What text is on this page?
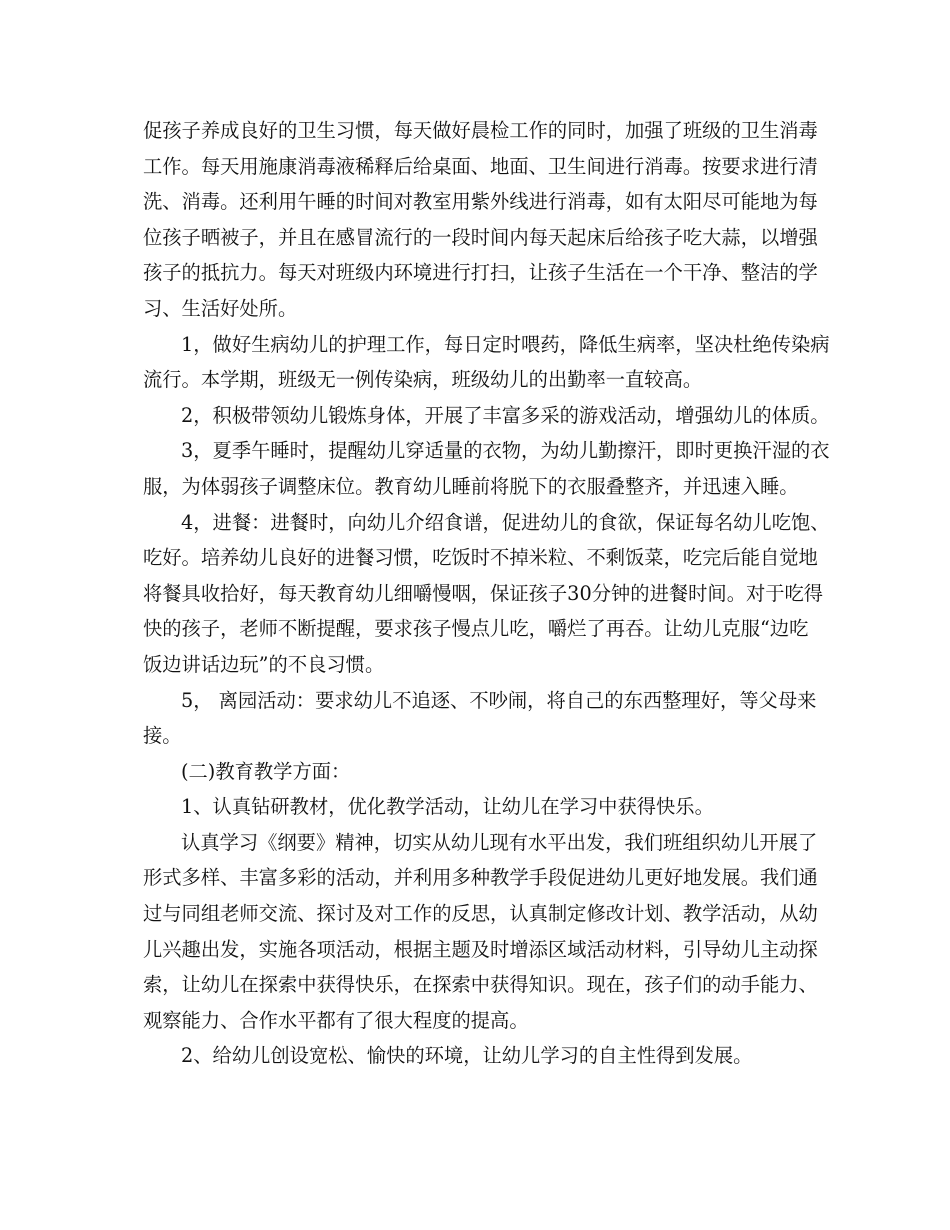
促孩子养成良好的卫生习惯，每天做好晨检工作的同时，加强了班级的卫生消毒
工作。每天用施康消毒液稀释后给桌面、地面、卫生间进行消毒。按要求进行清
洗、消毒。还利用午睡的时间对教室用紫外线进行消毒，如有太阳尽可能地为每
位孩子晒被子，并且在感冒流行的一段时间内每天起床后给孩子吃大蒜，以增强
孩子的抵抗力。每天对班级内环境进行打扫，让孩子生活在一个干净、整洁的学
习、生活好处所。
1，做好生病幼儿的护理工作，每日定时喂药，降低生病率，坚决杜绝传染病
流行。本学期，班级无一例传染病，班级幼儿的出勤率一直较高。
2，积极带领幼儿锻炼身体，开展了丰富多采的游戏活动，增强幼儿的体质。
3，夏季午睡时，提醒幼儿穿适量的衣物，为幼儿勤擦汗，即时更换汗湿的衣
服，为体弱孩子调整床位。教育幼儿睡前将脱下的衣服叠整齐，并迅速入睡。
4，进餐：进餐时，向幼儿介绍食谱，促进幼儿的食欲，保证每名幼儿吃饱、
吃好。培养幼儿良好的进餐习惯，吃饭时不掉米粒、不剩饭菜，吃完后能自觉地
将餐具收拾好，每天教育幼儿细嚼慢咽，保证孩子30分钟的进餐时间。对于吃得
快的孩子，老师不断提醒，要求孩子慢点儿吃，嚼烂了再吞。让幼儿克服“边吃
饭边讲话边玩”的不良习惯。
5， 离园活动：要求幼儿不追逐、不吵闹，将自己的东西整理好，等父母来
接。
(二)教育教学方面：
1、认真钻研教材，优化教学活动，让幼儿在学习中获得快乐。
认真学习《纲要》精神，切实从幼儿现有水平出发，我们班组织幼儿开展了
形式多样、丰富多彩的活动，并利用多种教学手段促进幼儿更好地发展。我们通
过与同组老师交流、探讨及对工作的反思，认真制定修改计划、教学活动，从幼
儿兴趣出发，实施各项活动，根据主题及时增添区域活动材料，引导幼儿主动探
索，让幼儿在探索中获得快乐，在探索中获得知识。现在，孩子们的动手能力、
观察能力、合作水平都有了很大程度的提高。
2、给幼儿创设宽松、愉快的环境，让幼儿学习的自主性得到发展。
